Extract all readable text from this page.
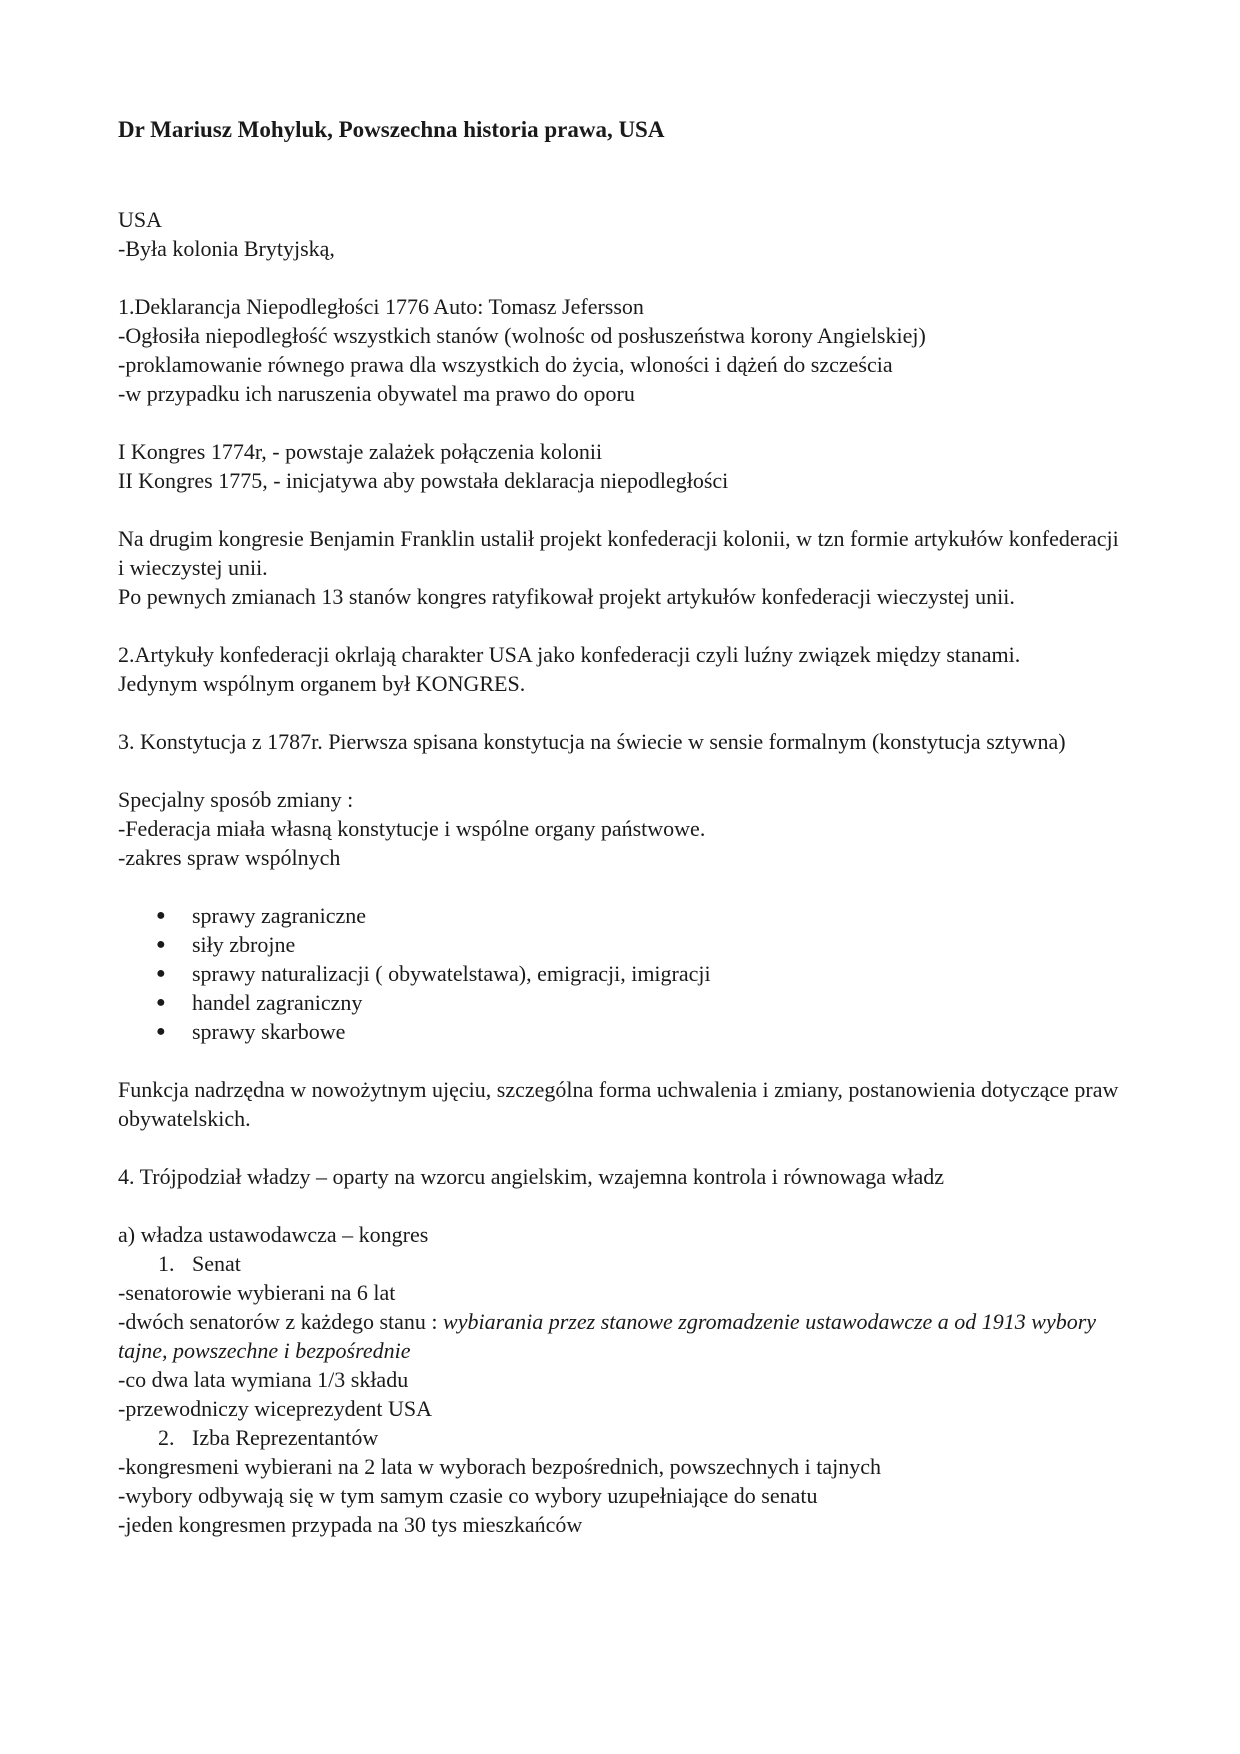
Dr Mariusz Mohyluk, Powszechna historia prawa, USA

USA

-Była kolonia Brytyjską,

1.Deklarancja Niepodległości 1776 Auto: Tomasz Jefersson

-Ogłosiła niepodległość wszystkich stanów (wolnośc od posłuszeństwa korony Angielskiej)

-proklamowanie równego prawa dla wszystkich do życia, wloności i dążeń do szcześcia

-w przypadku ich naruszenia obywatel ma prawo do oporu

I Kongres 1774r, - powstaje zalażek połączenia kolonii

II Kongres 1775, - inicjatywa aby powstała deklaracja niepodległości

Na drugim kongresie Benjamin Franklin ustalił projekt konfederacji kolonii, w tzn formie artykułów konfederacji i wieczystej unii.

Po pewnych zmianach 13 stanów kongres ratyfikował projekt artykułów konfederacji wieczystej unii.

2.Artykuły konfederacji okrlają charakter USA jako konfederacji czyli luźny związek między stanami.

Jedynym wspólnym organem był KONGRES.

3. Konstytucja z 1787r. Pierwsza spisana konstytucja na świecie w sensie formalnym (konstytucja sztywna)

Specjalny sposób zmiany :

-Federacja miała własną konstytucje i wspólne organy państwowe.

-zakres spraw wspólnych

● sprawy zagraniczne
● siły zbrojne
● sprawy naturalizacji ( obywatelstawa), emigracji, imigracji
● handel zagraniczny
● sprawy skarbowe

Funkcja nadrzędna w nowożytnym ujęciu, szczególna forma uchwalenia i zmiany, postanowienia dotyczące praw obywatelskich.

4. Trójpodział władzy – oparty na wzorcu angielskim, wzajemna kontrola i równowaga władz

a) władza ustawodawcza – kongres

1. Senat

-senatorowie wybierani na 6 lat

-dwóch senatorów z każdego stanu : wybiarania przez stanowe zgromadzenie ustawodawcze a od 1913 wybory tajne, powszechne i bezpośrednie

-co dwa lata wymiana 1/3 składu

-przewodniczy wiceprezydent USA

2. Izba Reprezentantów

-kongresmeni wybierani na 2 lata w wyborach bezpośrednich, powszechnych i tajnych

-wybory odbywają się w tym samym czasie co wybory uzupełniające do senatu

-jeden kongresmen przypada na 30 tys mieszkańców
